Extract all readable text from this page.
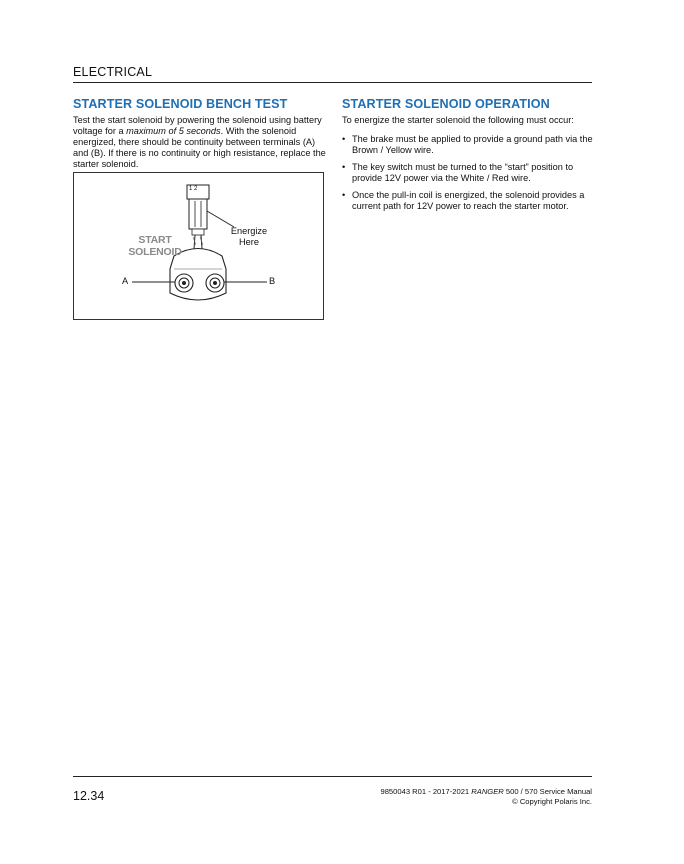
ELECTRICAL
STARTER SOLENOID BENCH TEST

Test the start solenoid by powering the solenoid using battery voltage for a maximum of 5 seconds. With the solenoid energized, there should be continuity between terminals (A) and (B). If there is no continuity or high resistance, replace the starter solenoid.

1 2
START
SOLENOID
Energize
Here
A	B
STARTER SOLENOID OPERATION

To energize the starter solenoid the following must occur:

• The brake must be applied to provide a ground path via the Brown / Yellow wire.
• The key switch must be turned to the “start” position to provide 12V power via the White / Red wire.
• Once the pull-in coil is energized, the solenoid provides a current path for 12V power to reach the starter motor.
12.34	9850043 R01 - 2017-2021 RANGER 500 / 570 Service Manual
© Copyright Polaris Inc.
